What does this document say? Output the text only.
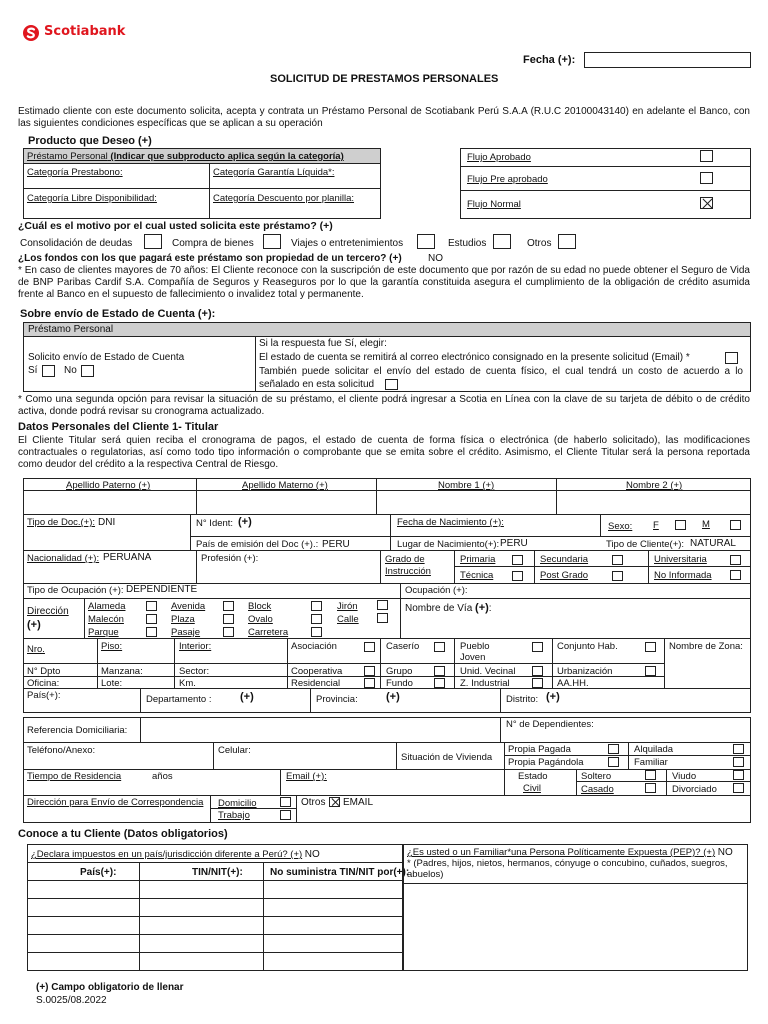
Scotiabank
Fecha (+):
SOLICITUD DE PRESTAMOS PERSONALES
Estimado cliente con este documento solicita, acepta y contrata un Préstamo Personal de Scotiabank Perú S.A.A (R.U.C 20100043140) en adelante el Banco, con las siguientes condiciones específicas que se aplican a su operación
Producto que Deseo (+)
Préstamo Personal (Indicar que subproducto aplica según la categoría)
Categoría Prestabono:	Categoría Garantía Líquida*:
Categoría Libre Disponibilidad:	Categoría Descuento por planilla:
Flujo Aprobado
Flujo Pre aprobado
Flujo Normal
¿Cuál es el motivo por el cual usted solicita este préstamo? (+)
Consolidación de deudas	Compra de bienes	Viajes o entretenimientos	Estudios	Otros
¿Los fondos con los que pagará este préstamo son propiedad de un tercero? (+)	NO
* En caso de clientes mayores de 70 años: El Cliente reconoce con la suscripción de este documento que por razón de su edad no puede obtener el Seguro de Vida de BNP Paribas Cardif S.A. Compañía de Seguros y Reaseguros por lo que la garantía constituida asegura el cumplimiento de la obligación de crédito asumida frente al Banco en el supuesto de fallecimiento o invalidez total y permanente.
Sobre envío de Estado de Cuenta (+):
Préstamo Personal
Solicito envío de Estado de Cuenta
Sí	No
Si la respuesta fue Sí, elegir:
El estado de cuenta se remitirá al correo electrónico consignado en la presente solicitud (Email) *
También puede solicitar el envío del estado de cuenta físico, el cual tendrá un costo de acuerdo a lo señalado en esta solicitud
* Como una segunda opción para revisar la situación de su préstamo, el cliente podrá ingresar a Scotia en Línea con la clave de su tarjeta de débito o de crédito activa, donde podrá revisar su cronograma actualizado.
Datos Personales del Cliente 1- Titular
El Cliente Titular será quien reciba el cronograma de pagos, el estado de cuenta de forma física o electrónica (de haberlo solicitado), las modificaciones contractuales o regulatorias, así como todo tipo información o comprobante que se emita sobre el crédito. Asimismo, el Cliente Titular será la persona reportada como deudor del crédito a la respectiva Central de Riesgo.
Apellido Paterno (+)	Apellido Materno (+)	Nombre 1 (+)	Nombre 2 (+)
Tipo de Doc.(+): DNI	N° Ident: (+)	Fecha de Nacimiento (+):	Sexo: F	M
País de emisión del Doc (+).: PERU	Lugar de Nacimiento(+): PERU	Tipo de Cliente(+): NATURAL
Nacionalidad (+): PERUANA	Profesión (+):	Grado de
Instrucción
Primaria	Secundaria	Universitaria
Técnica	Post Grado	No Informada
Tipo de Ocupación (+): DEPENDIENTE	Ocupación (+):
Dirección
(+)
Alameda	Avenida	Block	Jirón
Malecón	Plaza	Ovalo	Calle
Parque	Pasaje	Carretera
Nombre de Vía (+):
Nro.	Piso:	Interior:	Asociación	Caserío	Pueblo Joven
Conjunto Hab.	Nombre de Zona:
Cooperativa	Grupo	Unid. Vecinal	Urbanización
Residencial	Fundo	Z. Industrial	AA.HH.
N° Dpto	Manzana:	Sector:
Oficina:	Lote:	Km.
País(+):	Departamento :	(+)	Provincia:	(+)	Distrito: (+)
Referencia Domiciliaria:
N° de Dependientes:
Teléfono/Anexo:	Celular:
Situación de Vivienda
Propia Pagada	Alquilada
Propia Pagándola	Familiar
Tiempo de Residencia	años	Email (+):	Estado
Civil
Soltero	Viudo
Casado	Divorciado
Dirección para Envío de Correspondencia Domicilio
Trabajo
Otros EMAIL
Conoce a tu Cliente (Datos obligatorios)
¿Declara impuestos en un país/jurisdicción diferente a Perú? (+) NO
País(+):	TIN/NIT(+):	No suministra TIN/NIT por(+):
¿Es usted o un Familiar*una Persona Políticamente Expuesta (PEP)? (+) NO
* (Padres, hijos, nietos, hermanos, cónyuge o concubino, cuñados, suegros, abuelos)
(+) Campo obligatorio de llenar
S.0025/08.2022
